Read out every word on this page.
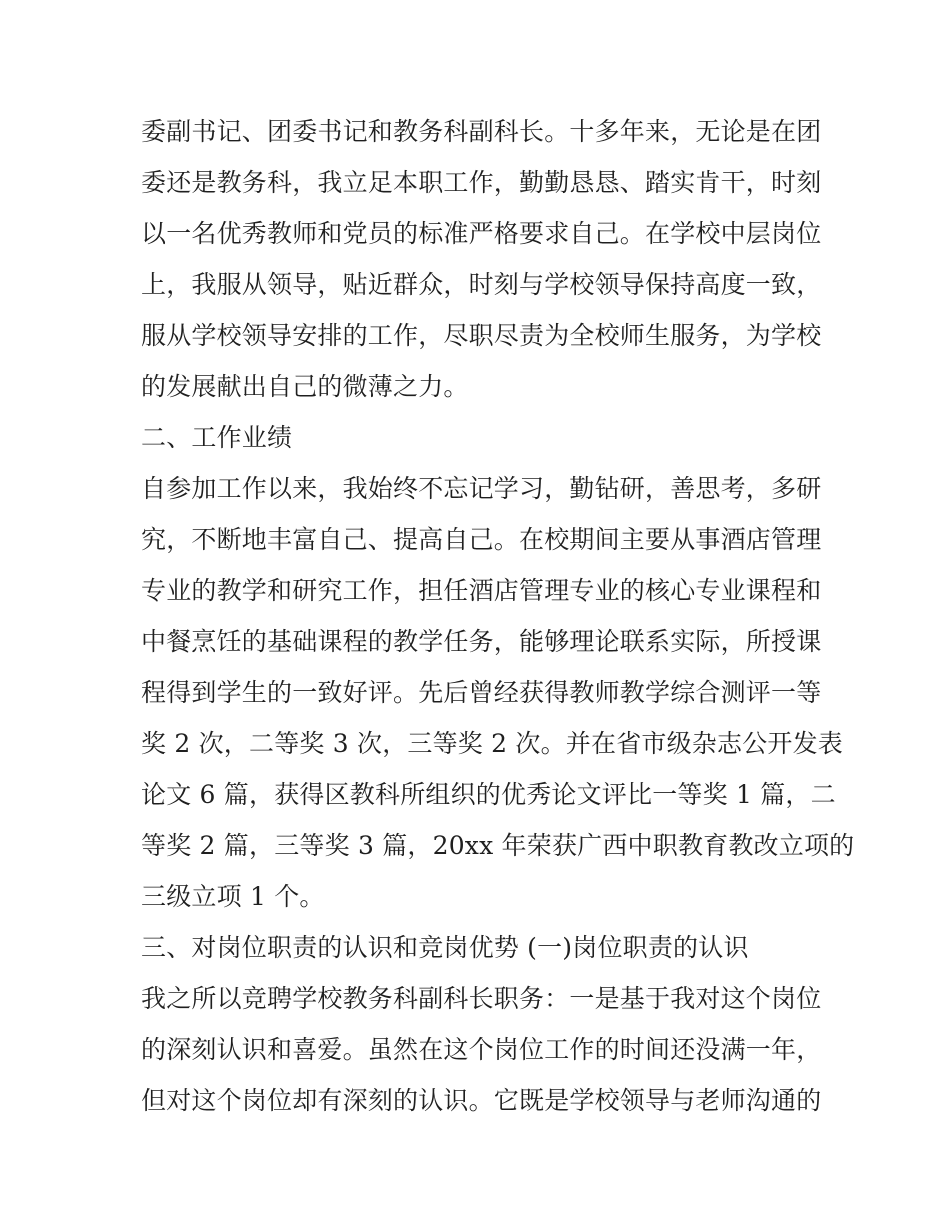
委副书记、团委书记和教务科副科长。十多年来，无论是在团
委还是教务科，我立足本职工作，勤勤恳恳、踏实肯干，时刻
以一名优秀教师和党员的标准严格要求自己。在学校中层岗位
上，我服从领导，贴近群众，时刻与学校领导保持高度一致，
服从学校领导安排的工作，尽职尽责为全校师生服务，为学校
的发展献出自己的微薄之力。
二、工作业绩
自参加工作以来，我始终不忘记学习，勤钻研，善思考，多研
究，不断地丰富自己、提高自己。在校期间主要从事酒店管理
专业的教学和研究工作，担任酒店管理专业的核心专业课程和
中餐烹饪的基础课程的教学任务，能够理论联系实际，所授课
程得到学生的一致好评。先后曾经获得教师教学综合测评一等
奖 2 次，二等奖 3 次，三等奖 2 次。并在省市级杂志公开发表
论文 6 篇，获得区教科所组织的优秀论文评比一等奖 1 篇，二
等奖 2 篇，三等奖 3 篇，20xx 年荣获广西中职教育教改立项的
三级立项 1 个。
三、对岗位职责的认识和竞岗优势 (一)岗位职责的认识
我之所以竞聘学校教务科副科长职务：一是基于我对这个岗位
的深刻认识和喜爱。虽然在这个岗位工作的时间还没满一年，
但对这个岗位却有深刻的认识。它既是学校领导与老师沟通的
